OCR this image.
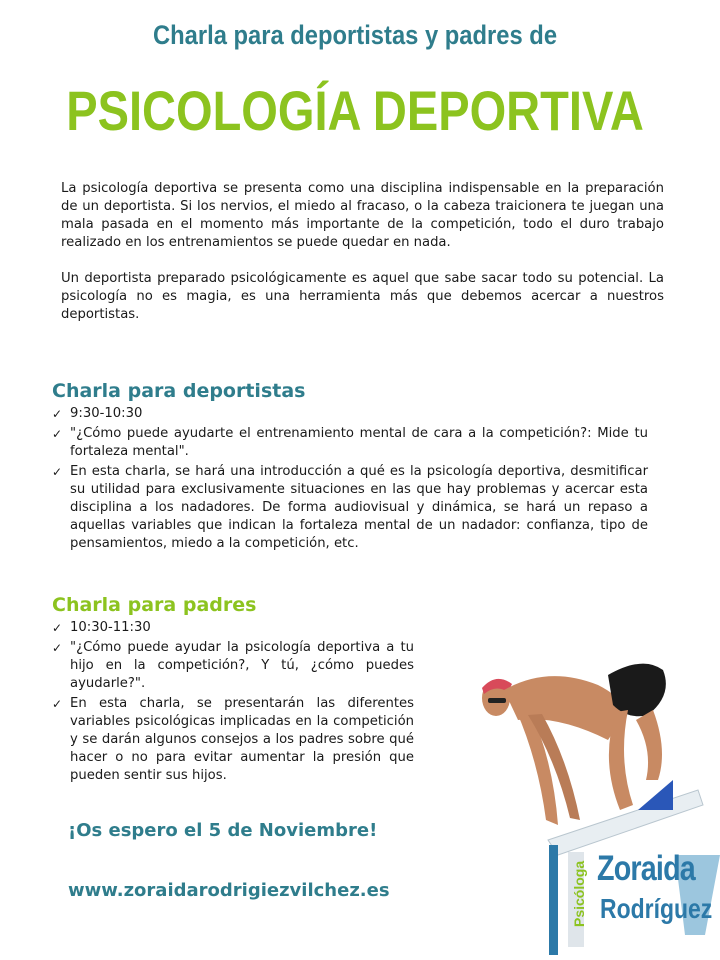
Charla para deportistas y padres de
PSICOLOGÍA DEPORTIVA

La psicología deportiva se presenta como una disciplina indispensable en la preparación de un deportista. Si los nervios, el miedo al fracaso, o la cabeza traicionera te juegan una mala pasada en el momento más importante de la competición, todo el duro trabajo realizado en los entrenamientos se puede quedar en nada.

Un deportista preparado psicológicamente es aquel que sabe sacar todo su potencial. La psicología no es magia, es una herramienta más que debemos acercar a nuestros deportistas.

Charla para deportistas
✓ 9:30-10:30
✓ "¿Cómo puede ayudarte el entrenamiento mental de cara a la competición?: Mide tu fortaleza mental".
✓ En esta charla, se hará una introducción a qué es la psicología deportiva, desmitificar su utilidad para exclusivamente situaciones en las que hay problemas y acercar esta disciplina a los nadadores. De forma audiovisual y dinámica, se hará un repaso a aquellas variables que indican la fortaleza mental de un nadador: confianza, tipo de pensamientos, miedo a la competición, etc.
Charla para padres
✓ 10:30-11:30
✓ "¿Cómo puede ayudar la psicología deportiva a tu hijo en la competición?, Y tú, ¿cómo puedes ayudarle?".
✓ En esta charla, se presentarán las diferentes variables psicológicas implicadas en la competición y se darán algunos consejos a los padres sobre qué hacer o no para evitar aumentar la presión que pueden sentir sus hijos.
¡Os espero el 5 de Noviembre!
www.zoraidarodrigiezvilchez.es
Zoraida
Rodríguez
Psicóloga
